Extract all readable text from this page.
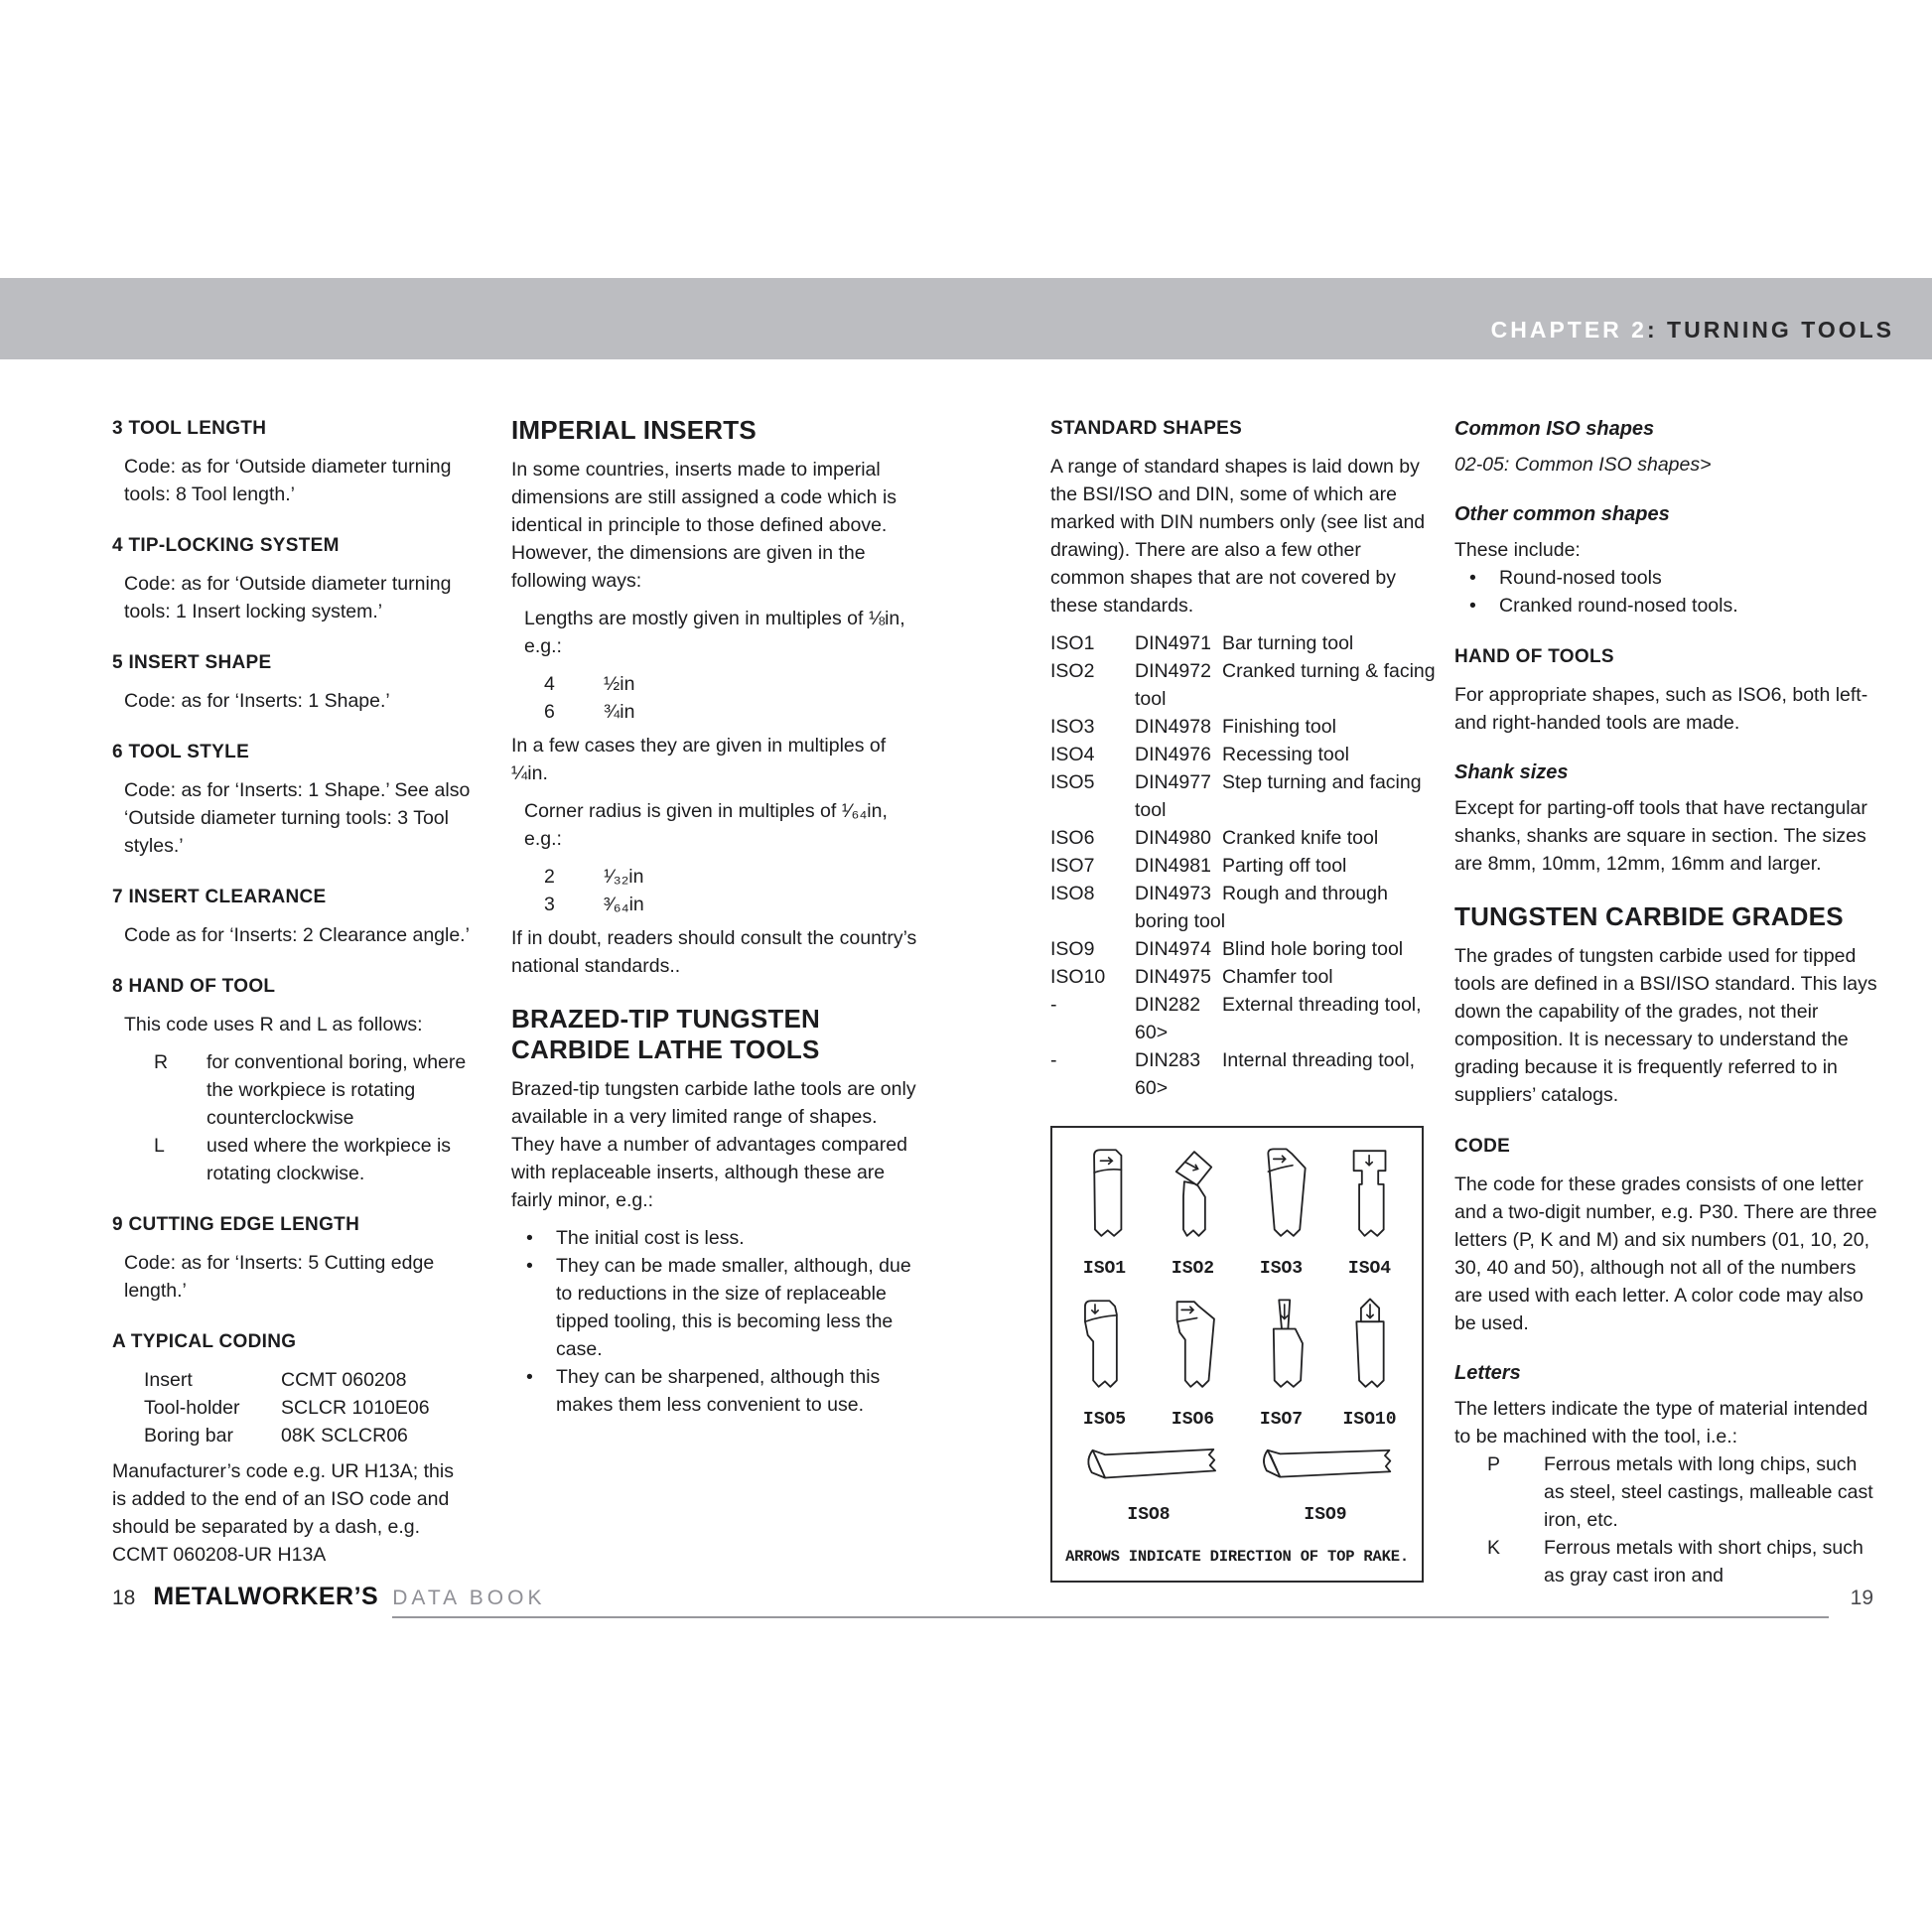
CHAPTER 2 : TURNING TOOLS
3 TOOL LENGTH
Code: as for ‘Outside diameter turning tools: 8 Tool length.’
4 TIP-LOCKING SYSTEM
Code: as for ‘Outside diameter turning tools: 1 Insert locking system.’
5 INSERT SHAPE
Code: as for ‘Inserts: 1 Shape.’
6 TOOL STYLE
Code: as for ‘Inserts: 1 Shape.’ See also ‘Outside diameter turning tools: 3 Tool styles.’
7 INSERT CLEARANCE
Code as for ‘Inserts: 2 Clearance angle.’
8 HAND OF TOOL
This code uses R and L as follows:
R	for conventional boring, where the workpiece is rotating counterclockwise
L	used where the workpiece is rotating clockwise.
9 CUTTING EDGE LENGTH
Code: as for ‘Inserts: 5 Cutting edge length.’
A TYPICAL CODING
Insert	CCMT 060208
Tool-holder	SCLCR 1010E06
Boring bar	08K SCLCR06
Manufacturer’s code e.g. UR H13A; this is added to the end of an ISO code and should be separated by a dash, e.g. CCMT 060208-UR H13A
IMPERIAL INSERTS
In some countries, inserts made to imperial dimensions are still assigned a code which is identical in principle to those defined above. However, the dimensions are given in the following ways:
Lengths are mostly given in multiples of ⅛in, e.g.:
4	½in
6	¾in
In a few cases they are given in multiples of ¼in.
Corner radius is given in multiples of ¹⁄₆₄in, e.g.:
2	¹⁄₃₂in
3	³⁄₆₄in
If in doubt, readers should consult the country’s national standards..
BRAZED-TIP TUNGSTEN CARBIDE LATHE TOOLS
Brazed-tip tungsten carbide lathe tools are only available in a very limited range of shapes. They have a number of advantages compared with replaceable inserts, although these are fairly minor, e.g.:
•	The initial cost is less.
•	They can be made smaller, although, due to reductions in the size of replaceable tipped tooling, this is becoming less the case.
•	They can be sharpened, although this makes them less convenient to use.
STANDARD SHAPES
A range of standard shapes is laid down by the BSI/ISO and DIN, some of which are marked with DIN numbers only (see list and drawing). There are also a few other common shapes that are not covered by these standards.
ISO1	DIN4971 Bar turning tool
ISO2	DIN4972 Cranked turning & facing tool
ISO3	DIN4978 Finishing tool
ISO4	DIN4976 Recessing tool
ISO5	DIN4977 Step turning and facing tool
ISO6	DIN4980 Cranked knife tool
ISO7	DIN4981 Parting off tool
ISO8	DIN4973 Rough and through boring tool
ISO9	DIN4974 Blind hole boring tool
ISO10	DIN4975 Chamfer tool
-	DIN282 External threading tool, 60>
-	DIN283 Internal threading tool, 60>
ISO1	ISO2	ISO3	ISO4
ISO5	ISO6	ISO7	ISO10
ISO8	ISO9
ARROWS INDICATE DIRECTION OF TOP RAKE.
Common ISO shapes
02-05: Common ISO shapes>
Other common shapes
These include:
•	Round-nosed tools
•	Cranked round-nosed tools.
HAND OF TOOLS
For appropriate shapes, such as ISO6, both left- and right-handed tools are made.
Shank sizes
Except for parting-off tools that have rectangular shanks, shanks are square in section. The sizes are 8mm, 10mm, 12mm, 16mm and larger.
TUNGSTEN CARBIDE GRADES
The grades of tungsten carbide used for tipped tools are defined in a BSI/ISO standard. This lays down the capability of the grades, not their composition. It is necessary to understand the grading because it is frequently referred to in suppliers’ catalogs.
CODE
The code for these grades consists of one letter and a two-digit number, e.g. P30. There are three letters (P, K and M) and six numbers (01, 10, 20, 30, 40 and 50), although not all of the numbers are used with each letter. A color code may also be used.
Letters
The letters indicate the type of material intended to be machined with the tool, i.e.:
P	Ferrous metals with long chips, such as steel, steel castings, malleable cast iron, etc.
K	Ferrous metals with short chips, such as gray cast iron and
18 METALWORKER’S DATA BOOK	19
